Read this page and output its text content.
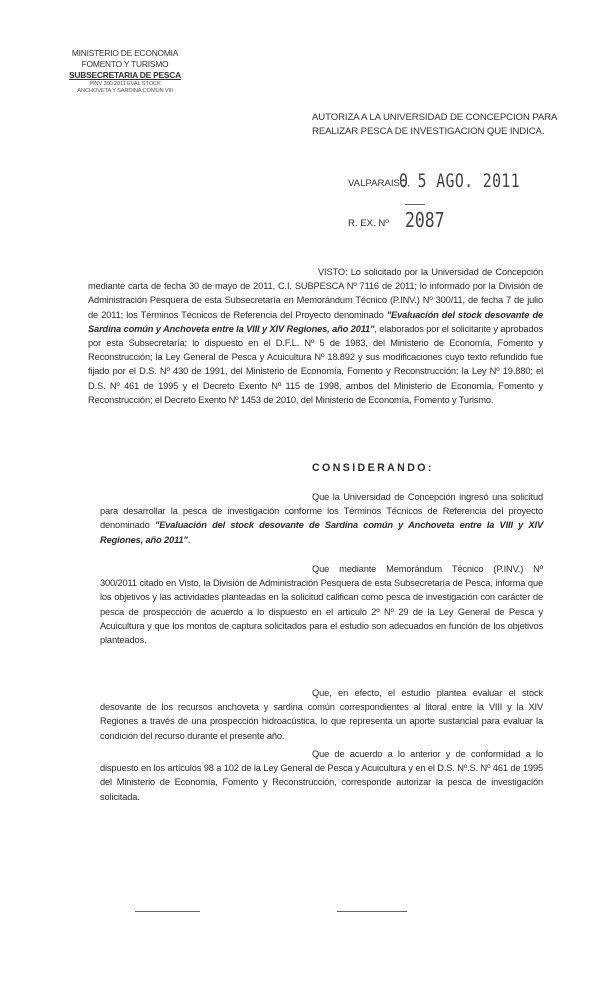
MINISTERIO DE ECONOMIA
FOMENTO Y TURISMO
SUBSECRETARIA DE PESCA
PINV 300 2011 EVAL STOCK
ANCHOVETA Y SARDINA COMUN VIII
AUTORIZA A LA UNIVERSIDAD DE CONCEPCION PARA
REALIZAR PESCA DE INVESTIGACION QUE INDICA.
VALPARAISO,
0 5 AGO. 2011
R. EX. Nº 2087
VISTO: Lo solicitado por la Universidad de Concepción mediante carta de fecha 30 de mayo de 2011, C.I. SUBPESCA Nº 7116 de 2011; lo informado por la División de Administración Pesquera de esta Subsecretaría en Memorándum Técnico (P.INV.) Nº 300/11, de fecha 7 de julio de 2011; los Términos Técnicos de Referencia del Proyecto denominado "Evaluación del stock desovante de Sardina común y Anchoveta entre la VIII y XIV Regiones, año 2011", elaborados por el solicitante y aprobados por esta Subsecretaría; lo dispuesto en el D.F.L. Nº 5 de 1983, del Ministerio de Economía, Fomento y Reconstrucción; la Ley General de Pesca y Acuicultura Nº 18.892 y sus modificaciones cuyo texto refundido fue fijado por el D.S. Nº 430 de 1991, del Ministerio de Economía, Fomento y Reconstrucción; la Ley Nº 19.880; el D.S. Nº 461 de 1995 y el Decreto Exento Nº 115 de 1998, ambos del Ministerio de Economía, Fomento y Reconstrucción; el Decreto Exento Nº 1453 de 2010, del Ministerio de Economía, Fomento y Turismo.
CONSIDERANDO:
Que la Universidad de Concepción ingresó una solicitud para desarrollar la pesca de investigación conforme los Términos Técnicos de Referencia del proyecto denominado "Evaluación del stock desovante de Sardina común y Anchoveta entre la VIII y XIV Regiones, año 2011".
Que mediante Memorándum Técnico (P.INV.) Nº 300/2011 citado en Visto, la División de Administración Pesquera de esta Subsecretaría de Pesca, informa que los objetivos y las actividades planteadas en la solicitud califican como pesca de investigación con carácter de pesca de prospección de acuerdo a lo dispuesto en el artículo 2º Nº 29 de la Ley General de Pesca y Acuicultura y que los montos de captura solicitados para el estudio son adecuados en función de los objetivos planteados.
Que, en efecto, el estudio plantea evaluar el stock desovante de los recursos anchoveta y sardina común correspondientes al litoral entre la VIII y la XIV Regiones a través de una prospección hidroacústica, lo que representa un aporte sustancial para evaluar la condición del recurso durante el presente año.
Que de acuerdo a lo anterior y de conformidad a lo dispuesto en los artículos 98 a 102 de la Ley General de Pesca y Acuicultura y en el D.S. Nº.S. Nº 461 de 1995 del Ministerio de Economía, Fomento y Reconstrucción, corresponde autorizar la pesca de investigación solicitada.
